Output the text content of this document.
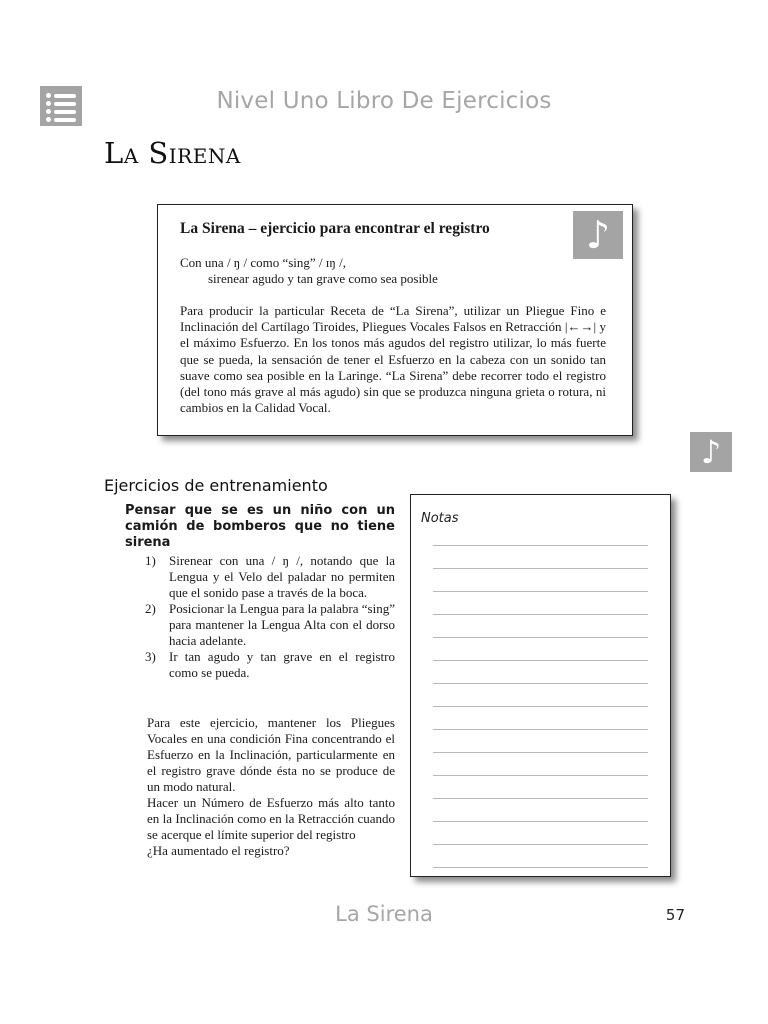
Nivel Uno Libro De Ejercicios
La Sirena
La Sirena – ejercicio para encontrar el registro	♪
Con una / ŋ / como “sing” / ɪŋ /,
sirenear agudo y tan grave como sea posible
Para producir la particular Receta de “La Sirena”, utilizar un Pliegue Fino e Inclinación del Cartílago Tiroides, Pliegues Vocales Falsos en Retracción |←→| y el máximo Esfuerzo. En los tonos más agudos del registro utilizar, lo más fuerte que se pueda, la sensación de tener el Esfuerzo en la cabeza con un sonido tan suave como sea posible en la Laringe. “La Sirena” debe recorrer todo el registro (del tono más grave al más agudo) sin que se produzca ninguna grieta o rotura, ni cambios en la Calidad Vocal.
♪
Ejercicios de entrenamiento
Pensar que se es un niño con un camión de bomberos que no tiene sirena
1) Sirenear con una / ŋ /, notando que la Lengua y el Velo del paladar no permiten que el sonido pase a través de la boca.
2) Posicionar la Lengua para la palabra “sing” para mantener la Lengua Alta con el dorso hacia adelante.
3) Ir tan agudo y tan grave en el registro como se pueda.

Para este ejercicio, mantener los Pliegues Vocales en una condición Fina concentrando el Esfuerzo en la Inclinación, particularmente en el registro grave dónde ésta no se produce de un modo natural.

Hacer un Número de Esfuerzo más alto tanto en la Inclinación como en la Retracción cuando se acerque el límite superior del registro

¿Ha aumentado el registro?

Notas
La Sirena	57
